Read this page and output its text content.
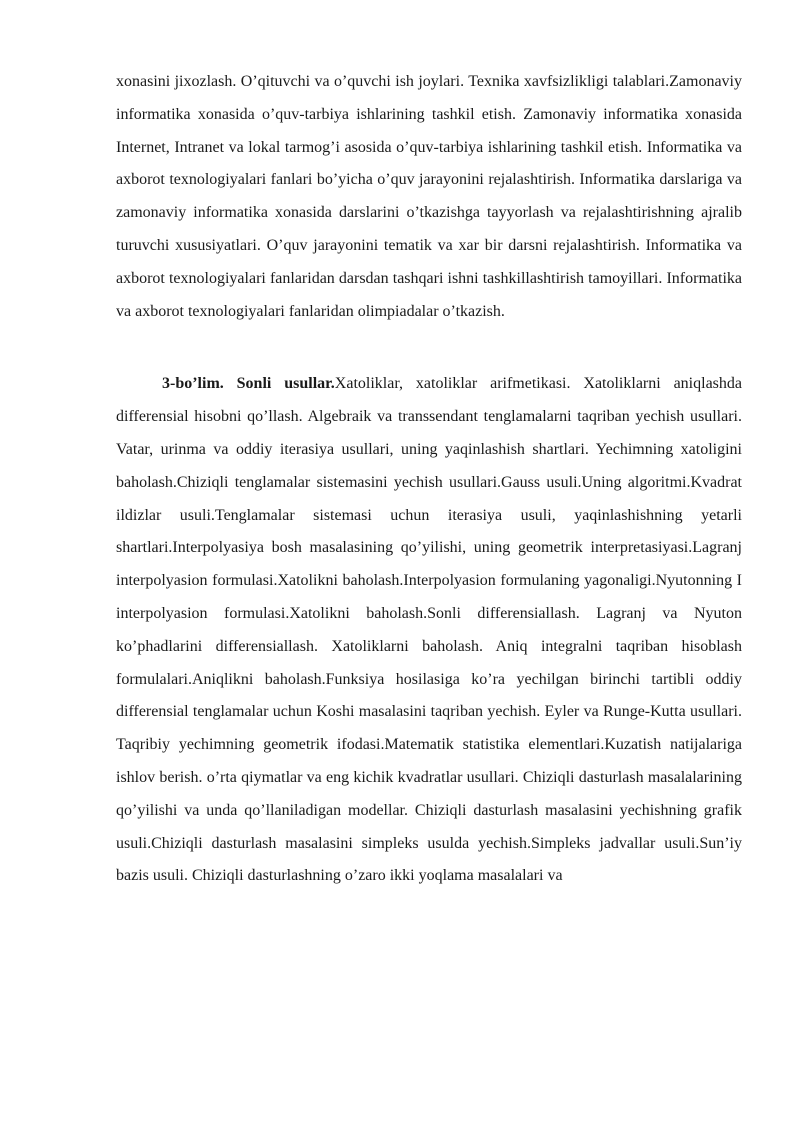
xonasini jixozlash. O’qituvchi va o’quvchi ish joylari. Texnika xavfsizlikligi talablari.Zamonaviy informatika xonasida o’quv-tarbiya ishlarining tashkil etish. Zamonaviy informatika xonasida Internet, Intranet va lokal tarmog’i asosida o’quv-tarbiya ishlarining tashkil etish. Informatika va axborot texnologiyalari fanlari bo’yicha o’quv jarayonini rejalashtirish. Informatika darslariga va zamonaviy informatika xonasida darslarini o’tkazishga tayyorlash va rejalashtirishning ajralib turuvchi xususiyatlari. O’quv jarayonini tematik va xar bir darsni rejalashtirish. Informatika va axborot texnologiyalari fanlaridan darsdan tashqari ishni tashkillashtirish tamoyillari. Informatika va axborot texnologiyalari fanlaridan olimpiadalar o’tkazish.

3-bo’lim. Sonli usullar.Xatoliklar, xatoliklar arifmetikasi. Xatoliklarni aniqlashda differensial hisobni qo’llash. Algebraik va transsendant tenglamalarni taqriban yechish usullari. Vatar, urinma va oddiy iterasiya usullari, uning yaqinlashish shartlari. Yechimning xatoligini baholash.Chiziqli tenglamalar sistemasini yechish usullari.Gauss usuli.Uning algoritmi.Kvadrat ildizlar usuli.Tenglamalar sistemasi uchun iterasiya usuli, yaqinlashishning yetarli shartlari.Interpolyasiya bosh masalasining qo’yilishi, uning geometrik interpretasiyasi.Lagranj interpolyasion formulasi.Xatolikni baholash.Interpolyasion formulaning yagonaligi.Nyutonning I interpolyasion formulasi.Xatolikni baholash.Sonli differensiallash. Lagranj va Nyuton ko’phadlarini differensiallash. Xatoliklarni baholash. Aniq integralni taqriban hisoblash formulalari.Aniqlikni baholash.Funksiya hosilasiga ko’ra yechilgan birinchi tartibli oddiy differensial tenglamalar uchun Koshi masalasini taqriban yechish. Eyler va Runge-Kutta usullari. Taqribiy yechimning geometrik ifodasi.Matematik statistika elementlari.Kuzatish natijalariga ishlov berish. o’rta qiymatlar va eng kichik kvadratlar usullari. Chiziqli dasturlash masalalarining qo’yilishi va unda qo’llaniladigan modellar. Chiziqli dasturlash masalasini yechishning grafik usuli.Chiziqli dasturlash masalasini simpleks usulda yechish.Simpleks jadvallar usuli.Sun’iy bazis usuli. Chiziqli dasturlashning o’zaro ikki yoqlama masalalari va
